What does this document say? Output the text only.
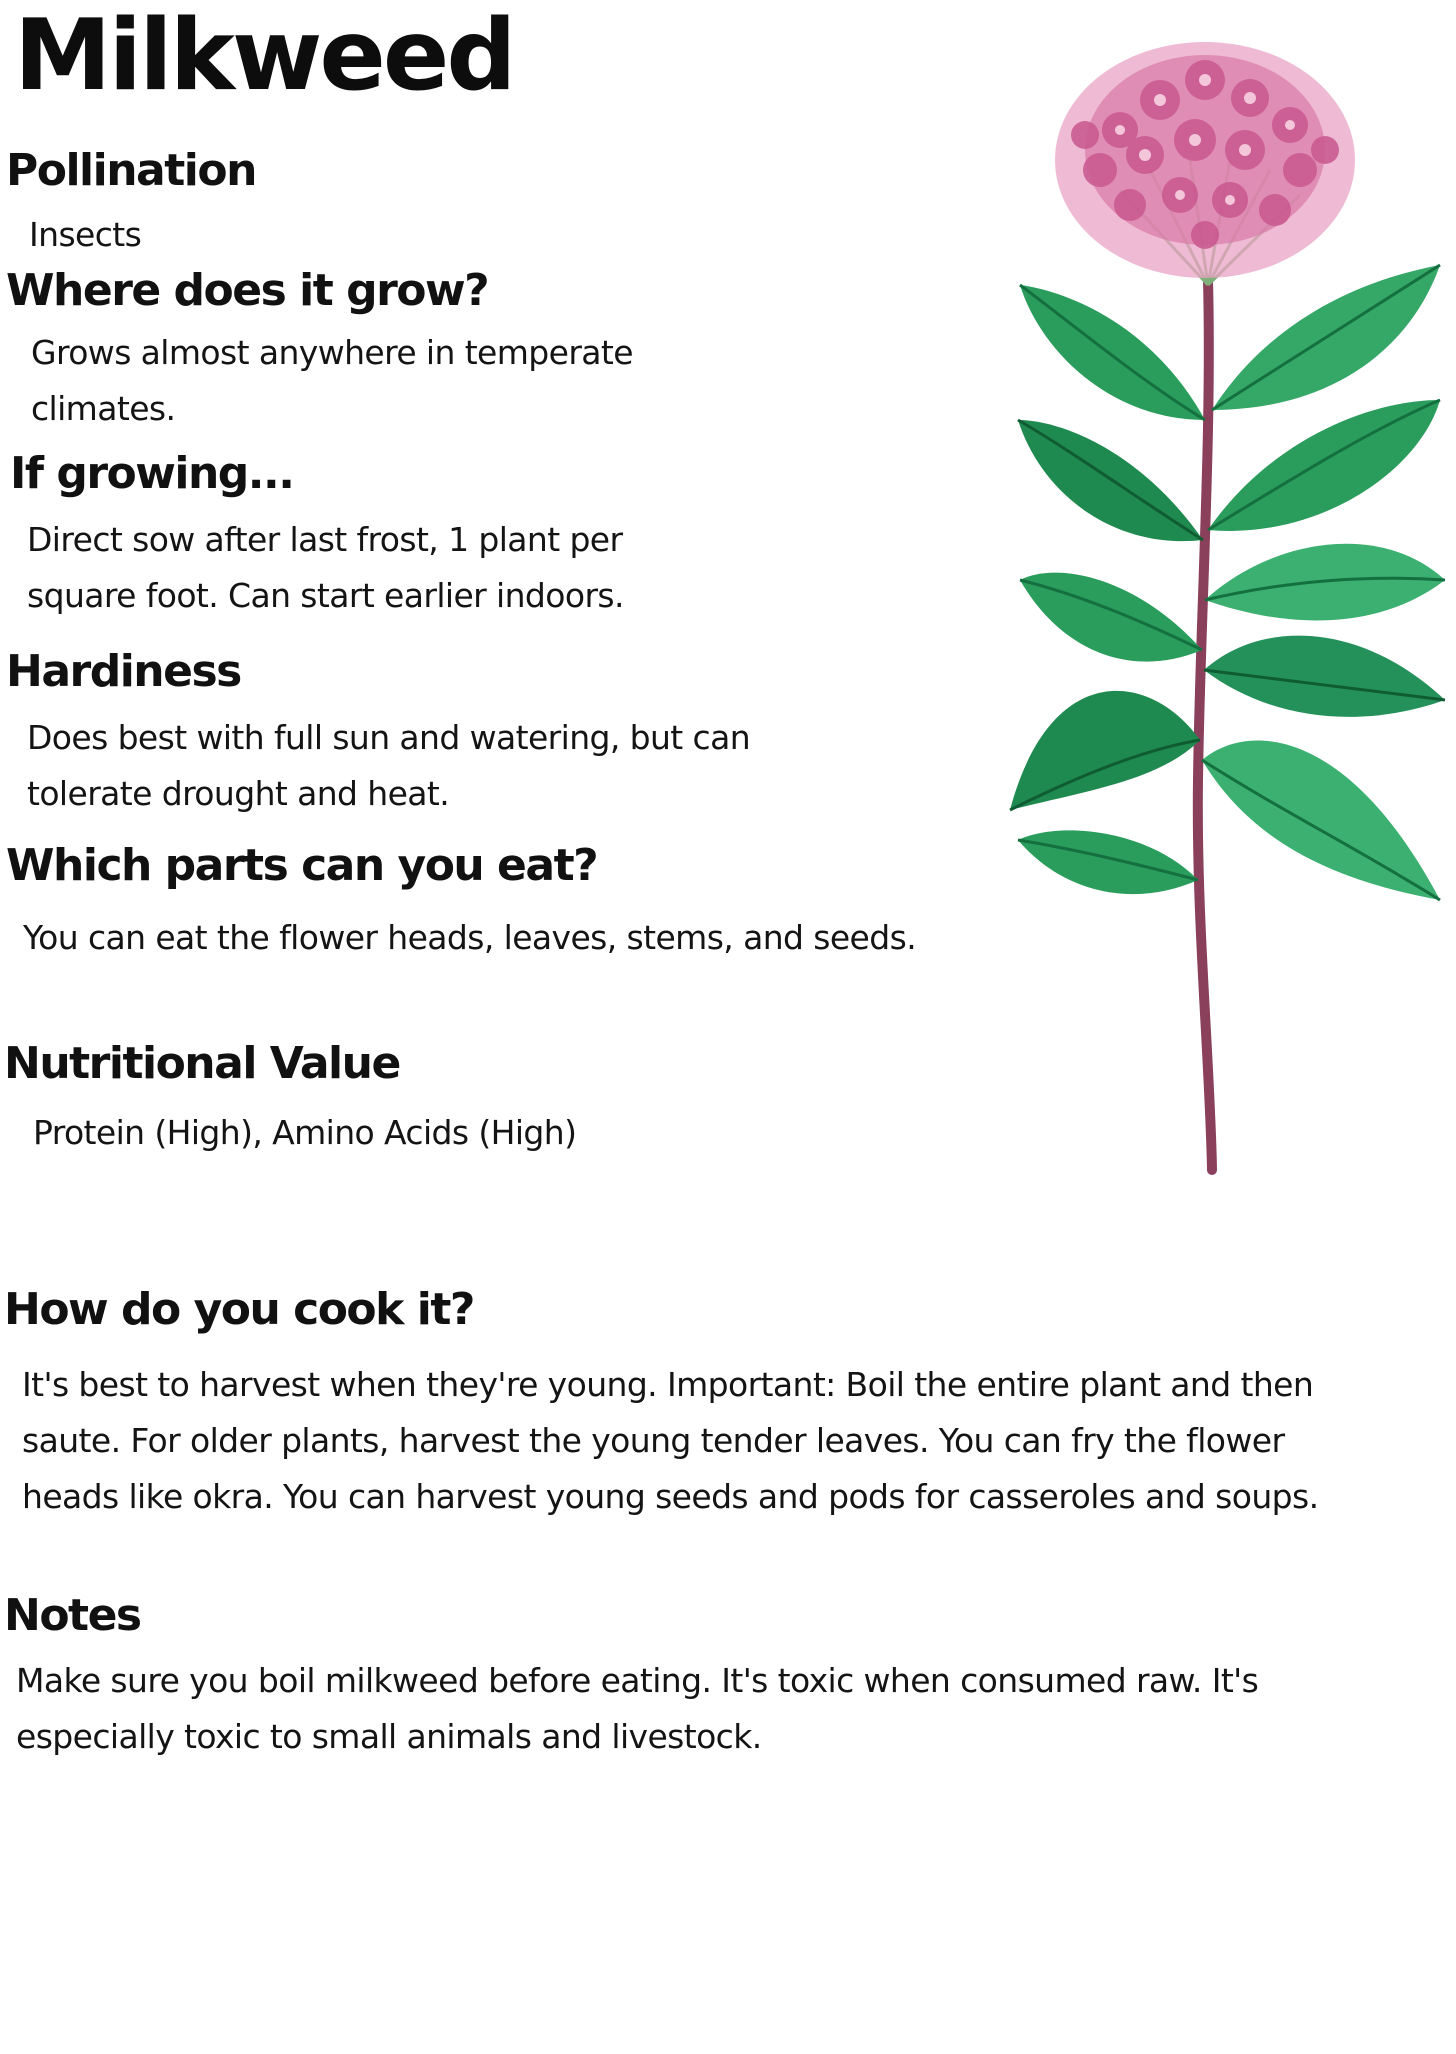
Milkweed
Pollination

Insects

Where does it grow?

Grows almost anywhere in temperate

climates.

If growing...

Direct sow after last frost, 1 plant per

square foot. Can start earlier indoors.

Hardiness

Does best with full sun and watering, but can

tolerate drought and heat.

Which parts can you eat?

You can eat the flower heads, leaves, stems, and seeds.

Nutritional Value

Protein (High), Amino Acids (High)

How do you cook it?

It's best to harvest when they're young. Important: Boil the entire plant and then

saute. For older plants, harvest the young tender leaves. You can fry the flower

heads like okra. You can harvest young seeds and pods for casseroles and soups.

Notes

Make sure you boil milkweed before eating. It's toxic when consumed raw. It's

especially toxic to small animals and livestock.
